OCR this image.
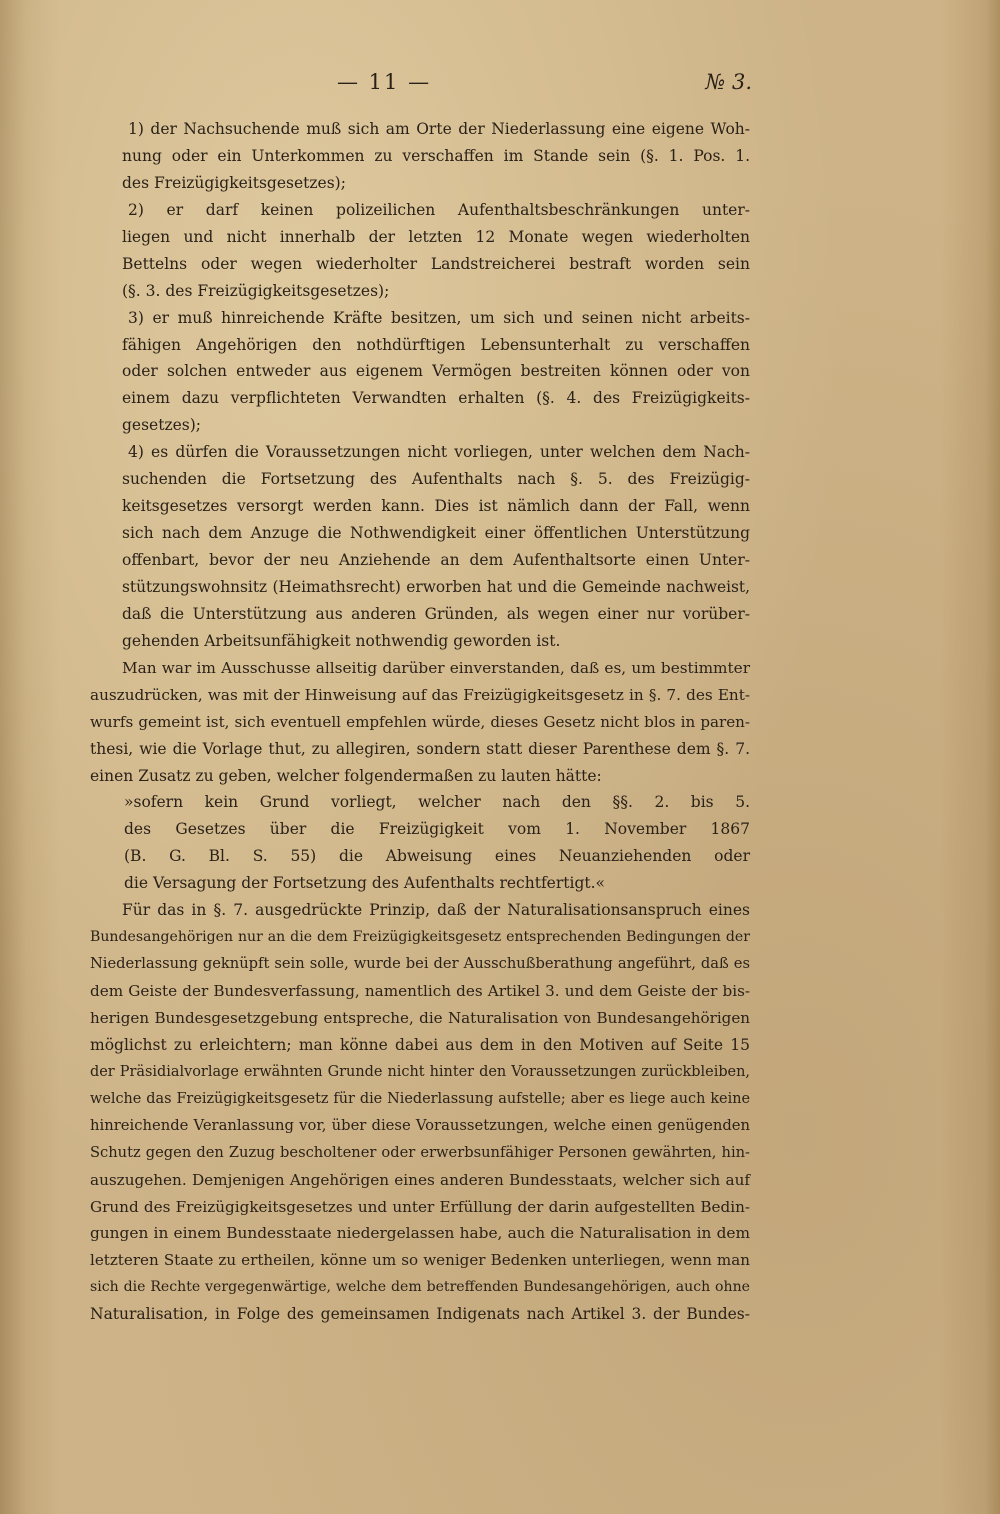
— 11 —	№ 3.
1) der Nachsuchende muß sich am Orte der Niederlassung eine eigene Woh-
nung oder ein Unterkommen zu verschaffen im Stande sein (§. 1. Pos. 1.
des Freizügigkeitsgesetzes);
2) er darf keinen polizeilichen Aufenthaltsbeschränkungen unter-
liegen und nicht innerhalb der letzten 12 Monate wegen wiederholten
Bettelns oder wegen wiederholter Landstreicherei bestraft worden sein
(§. 3. des Freizügigkeitsgesetzes);
3) er muß hinreichende Kräfte besitzen, um sich und seinen nicht arbeits-
fähigen Angehörigen den nothdürftigen Lebensunterhalt zu verschaffen
oder solchen entweder aus eigenem Vermögen bestreiten können oder von
einem dazu verpflichteten Verwandten erhalten (§. 4. des Freizügigkeits-
gesetzes);
4) es dürfen die Voraussetzungen nicht vorliegen, unter welchen dem Nach-
suchenden die Fortsetzung des Aufenthalts nach §. 5. des Freizügig-
keitsgesetzes versorgt werden kann. Dies ist nämlich dann der Fall, wenn
sich nach dem Anzuge die Nothwendigkeit einer öffentlichen Unterstützung
offenbart, bevor der neu Anziehende an dem Aufenthaltsorte einen Unter-
stützungswohnsitz (Heimathsrecht) erworben hat und die Gemeinde nachweist,
daß die Unterstützung aus anderen Gründen, als wegen einer nur vorüber-
gehenden Arbeitsunfähigkeit nothwendig geworden ist.
Man war im Ausschusse allseitig darüber einverstanden, daß es, um bestimmter
auszudrücken, was mit der Hinweisung auf das Freizügigkeitsgesetz in §. 7. des Ent-
wurfs gemeint ist, sich eventuell empfehlen würde, dieses Gesetz nicht blos in paren-
thesi, wie die Vorlage thut, zu allegiren, sondern statt dieser Parenthese dem §. 7.
einen Zusatz zu geben, welcher folgendermaßen zu lauten hätte:
»sofern kein Grund vorliegt, welcher nach den §§. 2. bis 5.
des Gesetzes über die Freizügigkeit vom 1. November 1867
(B. G. Bl. S. 55) die Abweisung eines Neuanziehenden oder
die Versagung der Fortsetzung des Aufenthalts rechtfertigt.«
Für das in §. 7. ausgedrückte Prinzip, daß der Naturalisationsanspruch eines
Bundesangehörigen nur an die dem Freizügigkeitsgesetz entsprechenden Bedingungen der
Niederlassung geknüpft sein solle, wurde bei der Ausschußberathung angeführt, daß es
dem Geiste der Bundesverfassung, namentlich des Artikel 3. und dem Geiste der bis-
herigen Bundesgesetzgebung entspreche, die Naturalisation von Bundesangehörigen
möglichst zu erleichtern; man könne dabei aus dem in den Motiven auf Seite 15
der Präsidialvorlage erwähnten Grunde nicht hinter den Voraussetzungen zurückbleiben,
welche das Freizügigkeitsgesetz für die Niederlassung aufstelle; aber es liege auch keine
hinreichende Veranlassung vor, über diese Voraussetzungen, welche einen genügenden
Schutz gegen den Zuzug bescholtener oder erwerbsunfähiger Personen gewährten, hin-
auszugehen. Demjenigen Angehörigen eines anderen Bundesstaats, welcher sich auf
Grund des Freizügigkeitsgesetzes und unter Erfüllung der darin aufgestellten Bedin-
gungen in einem Bundesstaate niedergelassen habe, auch die Naturalisation in dem
letzteren Staate zu ertheilen, könne um so weniger Bedenken unterliegen, wenn man
sich die Rechte vergegenwärtige, welche dem betreffenden Bundesangehörigen, auch ohne
Naturalisation, in Folge des gemeinsamen Indigenats nach Artikel 3. der Bundes-
